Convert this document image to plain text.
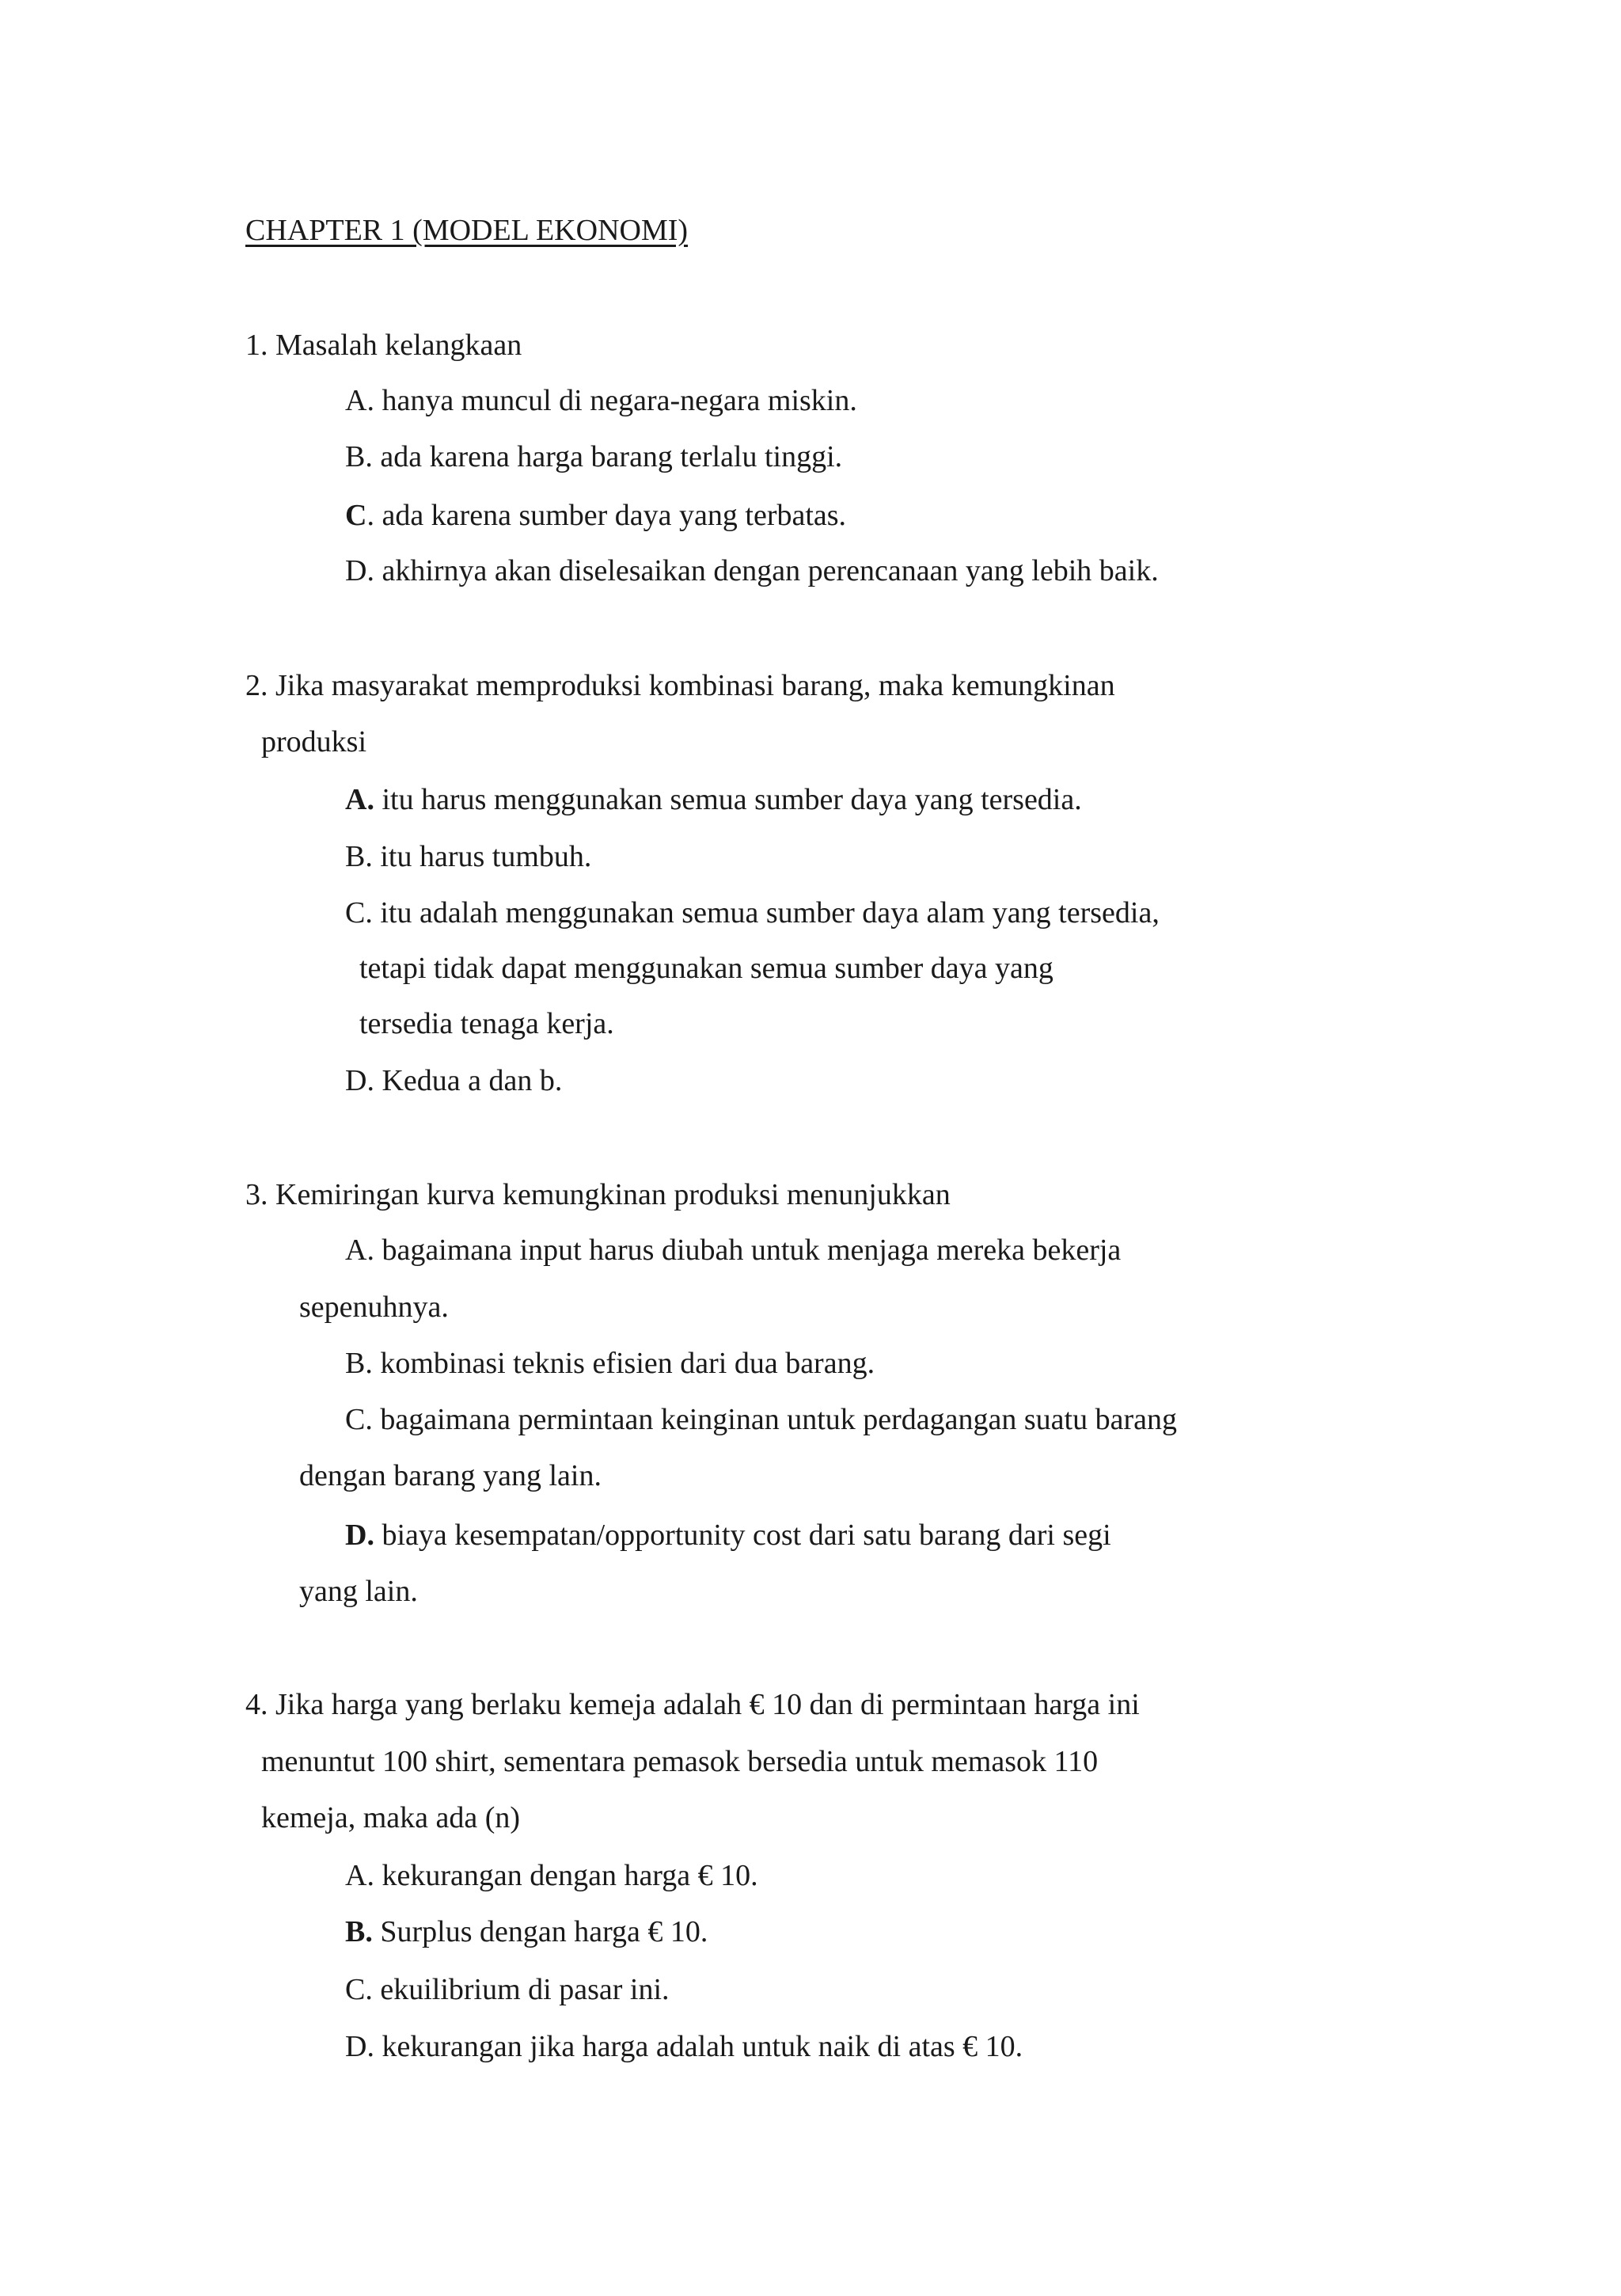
CHAPTER 1 (MODEL EKONOMI)
1. Masalah kelangkaan
A. hanya muncul di negara-negara miskin.
B. ada karena harga barang terlalu tinggi.
C. ada karena sumber daya yang terbatas.
D. akhirnya akan diselesaikan dengan perencanaan yang lebih baik.
2. Jika masyarakat memproduksi kombinasi barang, maka kemungkinan
produksi
A. itu harus menggunakan semua sumber daya yang tersedia.
B. itu harus tumbuh.
C. itu adalah menggunakan semua sumber daya alam yang tersedia,
tetapi tidak dapat menggunakan semua sumber daya yang
tersedia tenaga kerja.
D. Kedua a dan b.
3. Kemiringan kurva kemungkinan produksi menunjukkan
A. bagaimana input harus diubah untuk menjaga mereka bekerja
sepenuhnya.
B. kombinasi teknis efisien dari dua barang.
C. bagaimana permintaan keinginan untuk perdagangan suatu barang
dengan barang yang lain.
D. biaya kesempatan/opportunity cost dari satu barang dari segi
yang lain.
4. Jika harga yang berlaku kemeja adalah € 10 dan di permintaan harga ini
menuntut 100 shirt, sementara pemasok bersedia untuk memasok 110
kemeja, maka ada (n)
A. kekurangan dengan harga € 10.
B. Surplus dengan harga € 10.
C. ekuilibrium di pasar ini.
D. kekurangan jika harga adalah untuk naik di atas € 10.
